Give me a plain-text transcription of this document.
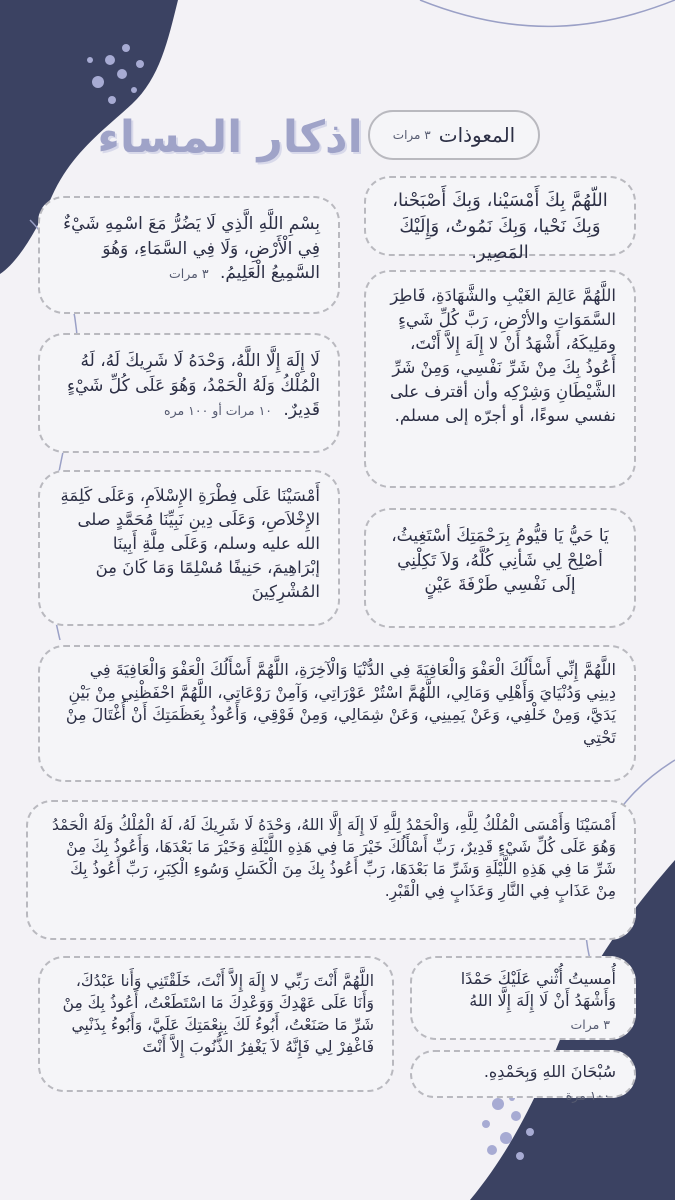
اذكار المساء	المعوذات
٣ مرات
اللّهُمَّ بِكَ أَمْسَيْنا، وَبِكَ أَصْبَحْنا، وَبِكَ نَحْيا، وَبِكَ نَمُوتُ، وَإِلَيْكَ المَصِير.
اللَّهُمَّ عَالِمَ الغَيْبِ والشَّهَادَةِ، فَاطِرَ السَّمَوَاتِ والأرْضِ، رَبَّ كُلِّ شَيءٍ ومَلِيكَهُ، أَشْهَدُ أَنْ لا إِلَهَ إِلاَّ أَنْتَ، أَعُوذُ بِكَ مِنْ شَرِّ نَفْسِي، وَمِنْ شَرِّ الشَّيْطَانِ وَشِرْكِه وأن أقترف على نفسي سوءًا، أو أجرّه إلى مسلم.
يَا حَيُّ يَا قيُّومُ بِرَحْمَتِكَ أسْتَغِيثُ، أصْلِحْ لِي شَأنِي كُلَّهُ، وَلاَ تَكِلْنِي إلَى نَفْسِي طَرْفَةَ عَيْنٍ
بِسْمِ اللَّهِ الَّذِي لَا يَضُرُّ مَعَ اسْمِهِ شَيْءٌ فِي الْأَرْضِ، وَلَا فِي السَّمَاءِ، وَهُوَ السَّمِيعُ الْعَلِيمُ. ٣ مرات
لَا إِلَهَ إِلَّا اللَّهُ، وَحْدَهُ لَا شَرِيكَ لَهُ، لَهُ الْمُلْكُ وَلَهُ الْحَمْدُ، وَهُوَ عَلَى كُلِّ شَيْءٍ قَدِيرٌ. ١٠ مرات أو ١٠٠ مره
أَمْسَيْنَا عَلَى فِطْرَةِ الإِسْلاَمِ، وَعَلَى كَلِمَةِ الإِخْلاَصِ، وَعَلَى دِينِ نَبِيِّنَا مُحَمَّدٍ صلى الله عليه وسلم، وَعَلَى مِلَّةِ أَبِينَا إبْرَاهِيمَ، حَنِيفًا مُسْلِمًا وَمَا كَانَ مِنَ المُشْرِكِينَ
اللَّهُمَّ إِنِّي أَسْأَلُكَ الْعَفْوَ وَالْعَافِيَةَ فِي الدُّنْيَا وَالْآخِرَةِ، اللَّهُمَّ أَسْأَلُكَ الْعَفْوَ وَالْعَافِيَةَ فِي دِينِي وَدُنْيَايَ وَأَهْلِي وَمَالِي، اللَّهُمَّ اسْتُرْ عَوْرَاتِي، وَآمِنْ رَوْعَاتِي، اللَّهُمَّ احْفَظْنِي مِنْ بَيْنِ يَدَيَّ، وَمِنْ خَلْفِي، وَعَنْ يَمِينِي، وَعَنْ شِمَالِي، وَمِنْ فَوْقِي، وَأَعُوذُ بِعَظَمَتِكَ أَنْ أُغْتَالَ مِنْ تَحْتِي
أَمْسَيْنَا وَأَمْسَى الْمُلْكُ لِلَّهِ، وَالْحَمْدُ لِلَّهِ لَا إِلَهَ إِلَّا اللهُ، وَحْدَهُ لَا شَرِيكَ لَهُ، لَهُ الْمُلْكُ وَلَهُ الْحَمْدُ وَهُوَ عَلَى كُلِّ شَيْءٍ قَدِيرٌ، رَبِّ أَسْأَلُكَ خَيْرَ مَا فِي هَذِهِ اللَّيْلَةِ وَخَيْرَ مَا بَعْدَهَا، وَأَعُوذُ بِكَ مِنْ شَرِّ مَا فِي هَذِهِ اللَّيْلَةِ وَشَرِّ مَا بَعْدَهَا، رَبِّ أَعُوذُ بِكَ مِنَ الْكَسَلِ وَسُوءِ الْكِبَرِ، رَبِّ أَعُوذُ بِكَ مِنْ عَذَابٍ فِي النَّارِ وَعَذَابٍ فِي الْقَبْرِ.
أُمسيتُ أُثْني عَلَيْكَ حَمْدًا وَأَشْهَدُ أَنْ لَا إِلَهَ إِلَّا اللهُ ٣ مرات
سُبْحَانَ اللهِ وَبِحَمْدِهِ. ١٠٠ مرة
اللَّهُمَّ أَنْتَ رَبِّي لا إِلَهَ إِلاَّ أَنْتَ، خَلَقْتَنِي وَأَنا عَبْدُكَ، وَأَنَا عَلَى عَهْدِكَ وَوَعْدِكَ مَا اسْتَطَعْتُ، أَعُوذُ بِكَ مِنْ شَرِّ مَا صَنَعْتُ، أَبُوءُ لَكَ بِنِعْمَتِكَ عَلَيَّ، وَأَبُوءُ بِذَنْبِي فَاغْفِرْ لِي فَإِنَّهُ لاَ يَغْفِرُ الذُّنُوبَ إِلاَّ أَنْتَ
